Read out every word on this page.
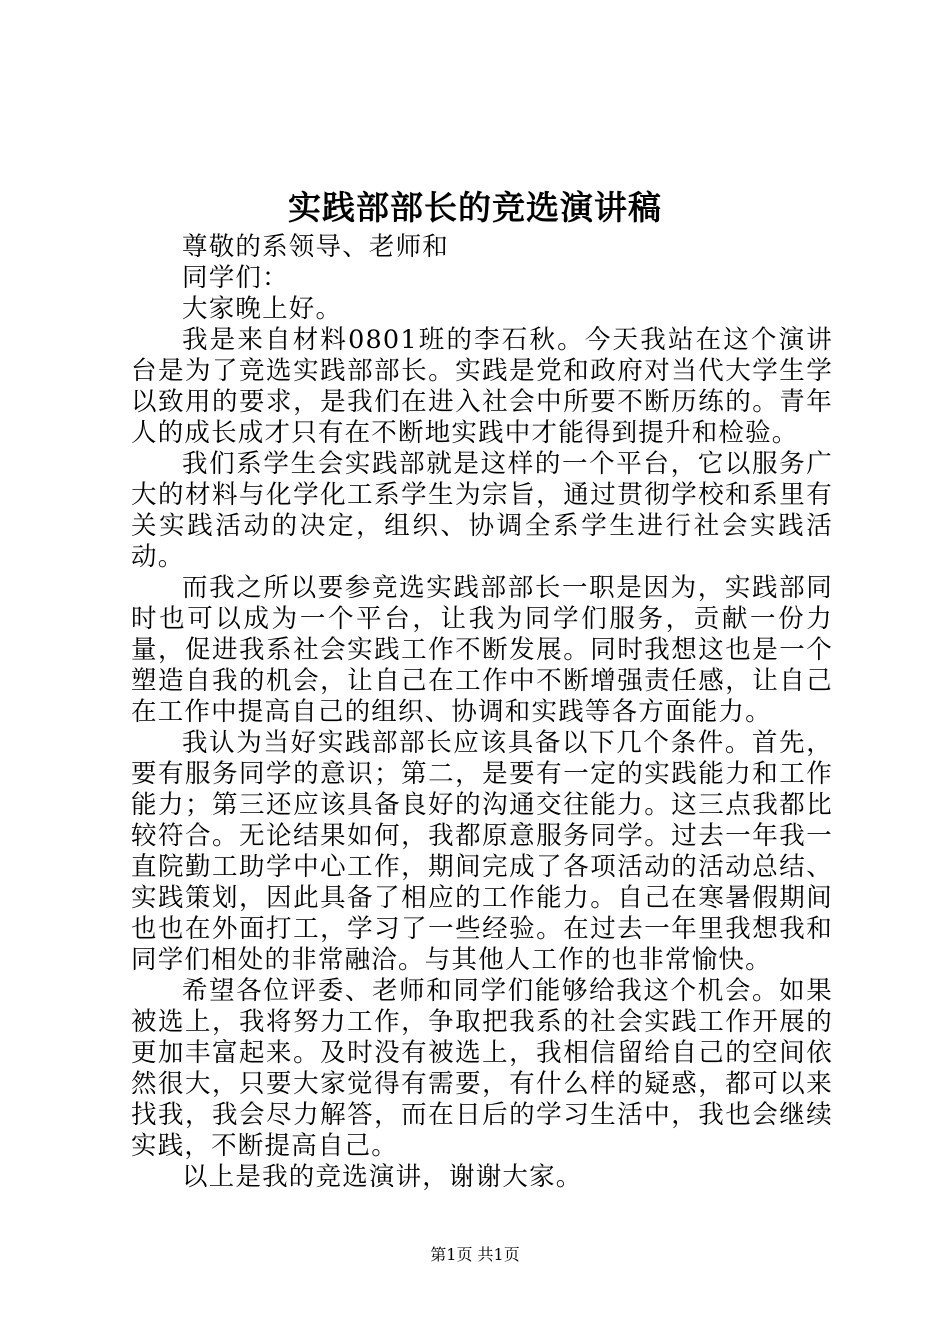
实践部部长的竞选演讲稿

尊敬的系领导、老师和

同学们：

大家晚上好。

我是来自材料0801班的李石秋。今天我站在这个演讲台是为了竞选实践部部长。实践是党和政府对当代大学生学以致用的要求，是我们在进入社会中所要不断历练的。青年人的成长成才只有在不断地实践中才能得到提升和检验。

我们系学生会实践部就是这样的一个平台，它以服务广大的材料与化学化工系学生为宗旨，通过贯彻学校和系里有关实践活动的决定，组织、协调全系学生进行社会实践活动。

而我之所以要参竞选实践部部长一职是因为，实践部同时也可以成为一个平台，让我为同学们服务，贡献一份力量，促进我系社会实践工作不断发展。同时我想这也是一个塑造自我的机会，让自己在工作中不断增强责任感，让自己在工作中提高自己的组织、协调和实践等各方面能力。

我认为当好实践部部长应该具备以下几个条件。首先，要有服务同学的意识；第二，是要有一定的实践能力和工作能力；第三还应该具备良好的沟通交往能力。这三点我都比较符合。无论结果如何，我都原意服务同学。过去一年我一直院勤工助学中心工作，期间完成了各项活动的活动总结、实践策划，因此具备了相应的工作能力。自己在寒暑假期间也也在外面打工，学习了一些经验。在过去一年里我想我和同学们相处的非常融洽。与其他人工作的也非常愉快。

希望各位评委、老师和同学们能够给我这个机会。如果被选上，我将努力工作，争取把我系的社会实践工作开展的更加丰富起来。及时没有被选上，我相信留给自己的空间依然很大，只要大家觉得有需要，有什么样的疑惑，都可以来找我，我会尽力解答，而在日后的学习生活中，我也会继续实践，不断提高自己。

以上是我的竞选演讲，谢谢大家。

第1页 共1页
